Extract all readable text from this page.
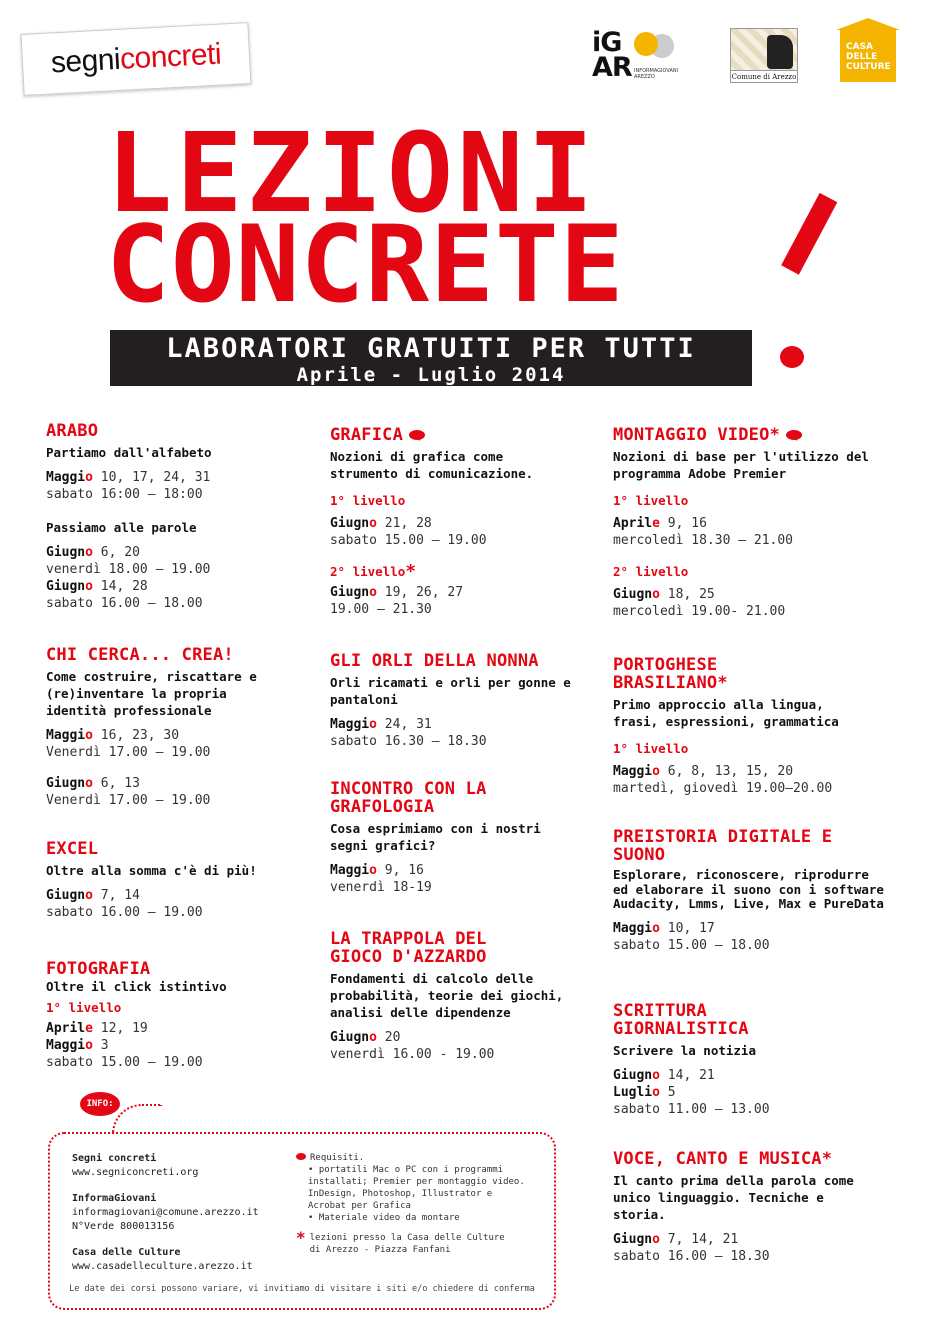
segni
concreti	iG AR INFORMAGIOVANI AREZZO	Comune di Arezzo
CASA DELLE
CULTURE
LEZIONI
CONCRETE
LABORATORI GRATUITI PER TUTTI
Aprile - Luglio 2014
2° Edizione
ARABO
Partiamo dall'alfabeto
Maggio 10, 17, 24, 31
sabato 16:00 – 18:00
Passiamo alle parole
Giugno 6, 20
venerdì 18.00 – 19.00
Giugno 14, 28
sabato 16.00 – 18.00
CHI CERCA... CREA!
Come costruire, riscattare e (re)inventare la propria identità professionale
Maggio 16, 23, 30
Venerdì 17.00 – 19.00
Giugno 6, 13
Venerdì 17.00 – 19.00
EXCEL
Oltre alla somma c'è di più!
Giugno 7, 14
sabato 16.00 – 19.00
FOTOGRAFIA
Oltre il click istintivo
1° livello
Aprile 12, 19
Maggio 3
sabato 15.00 – 19.00
GRAFICA
Nozioni di grafica come strumento di comunicazione.
1° livello
Giugno 21, 28
sabato 15.00 – 19.00
2° livello*
Giugno 19, 26, 27
19.00 – 21.30
GLI ORLI DELLA NONNA
Orli ricamati e orli per gonne e pantaloni
Maggio 24, 31
sabato 16.30 – 18.30
INCONTRO CON LA
GRAFOLOGIA
Cosa esprimiamo con i nostri segni grafici?
Maggio 9, 16
venerdì 18-19
LA TRAPPOLA DEL
GIOCO D'AZZARDO
Fondamenti di calcolo delle probabilità, teorie dei giochi, analisi delle dipendenze
Giugno 20
venerdì 16.00 - 19.00
MONTAGGIO VIDEO*
Nozioni di base per l'utilizzo del programma Adobe Premier
1° livello
Aprile 9, 16
mercoledì 18.30 – 21.00
2° livello
Giugno 18, 25
mercoledì 19.00- 21.00
PORTOGHESE
BRASILIANO*
Primo approccio alla lingua, frasi, espressioni, grammatica
1° livello
Maggio 6, 8, 13, 15, 20
martedì, giovedì 19.00–20.00
PREISTORIA DIGITALE E
SUONO
Esplorare, riconoscere, riprodurre ed elaborare il suono con i software Audacity, Lmms, Live, Max e PureData
Maggio 10, 17
sabato 15.00 – 18.00
SCRITTURA
GIORNALISTICA
Scrivere la notizia
Giugno 14, 21
Luglio 5
sabato 11.00 – 13.00
VOCE, CANTO E MUSICA*
Il canto prima della parola come unico linguaggio. Tecniche e storia.
Giugno 7, 14, 21
sabato 16.00 – 18.30
INFO:
Segni concreti
www.segniconcreti.org
InformaGiovani
informagiovani@comune.arezzo.it
N°Verde 800013156
Casa delle Culture
www.casadelleculture.arezzo.it
Requisiti.
• portatili Mac o PC con i programmi installati; Premier per montaggio video. InDesign, Photoshop, Illustrator e Acrobat per Grafica
• Materiale video da montare
* lezioni presso la Casa delle Culture di Arezzo - Piazza Fanfani
Le date dei corsi possono variare, vi invitiamo di visitare i siti e/o chiedere di conferma
